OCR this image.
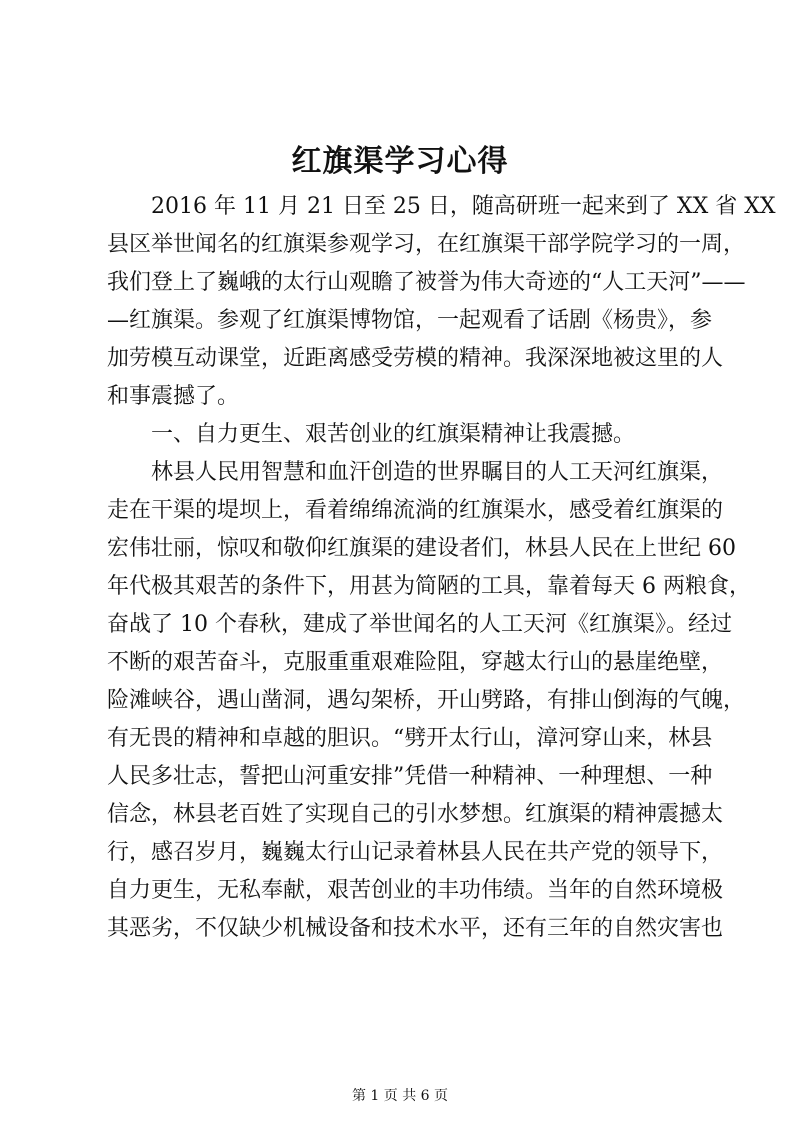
红旗渠学习心得
　　2016 年 11 月 21 日至 25 日，随高研班一起来到了 XX 省 XX
县区举世闻名的红旗渠参观学习，在红旗渠干部学院学习的一周，
我们登上了巍峨的太行山观瞻了被誉为伟大奇迹的“人工天河”——
—红旗渠。参观了红旗渠博物馆，一起观看了话剧《杨贵》，参
加劳模互动课堂，近距离感受劳模的精神。我深深地被这里的人
和事震撼了。
　　一、自力更生、艰苦创业的红旗渠精神让我震撼。
　　林县人民用智慧和血汗创造的世界瞩目的人工天河红旗渠，
走在干渠的堤坝上，看着绵绵流淌的红旗渠水，感受着红旗渠的
宏伟壮丽，惊叹和敬仰红旗渠的建设者们，林县人民在上世纪 60
年代极其艰苦的条件下，用甚为简陋的工具，靠着每天 6 两粮食，
奋战了 10 个春秋，建成了举世闻名的人工天河《红旗渠》。经过
不断的艰苦奋斗，克服重重艰难险阻，穿越太行山的悬崖绝壁，
险滩峡谷，遇山凿洞，遇勾架桥，开山劈路，有排山倒海的气魄，
有无畏的精神和卓越的胆识。“劈开太行山，漳河穿山来，林县
人民多壮志，誓把山河重安排”凭借一种精神、一种理想、一种
信念，林县老百姓了实现自己的引水梦想。红旗渠的精神震撼太
行，感召岁月，巍巍太行山记录着林县人民在共产党的领导下，
自力更生，无私奉献，艰苦创业的丰功伟绩。当年的自然环境极
其恶劣，不仅缺少机械设备和技术水平，还有三年的自然灾害也
第 1 页 共 6 页
